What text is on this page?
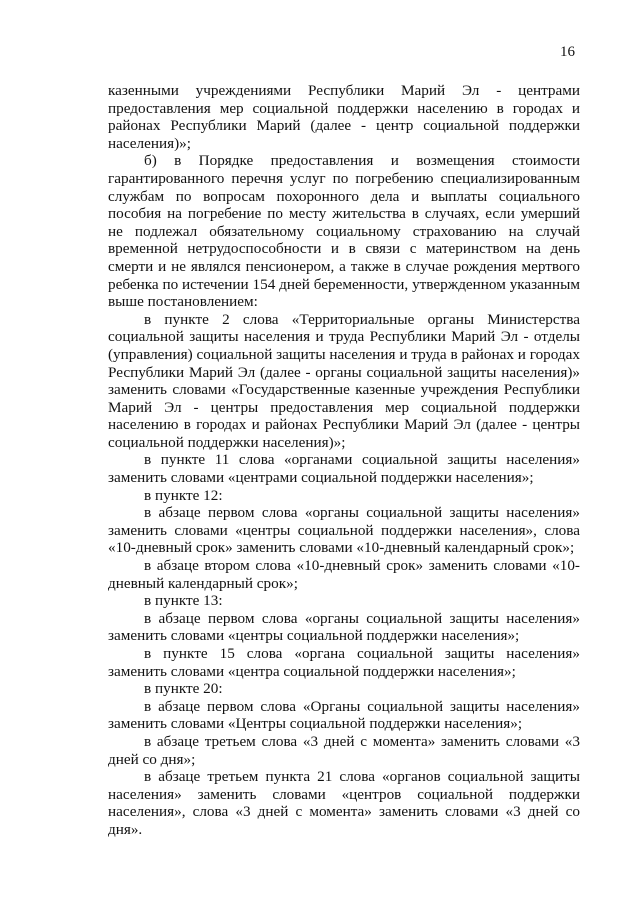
16

казенными учреждениями Республики Марий Эл - центрами предоставления мер социальной поддержки населению в городах и районах Республики Марий (далее - центр социальной поддержки населения)»;

б) в Порядке предоставления и возмещения стоимости гарантированного перечня услуг по погребению специализированным службам по вопросам похоронного дела и выплаты социального пособия на погребение по месту жительства в случаях, если умерший не подлежал обязательному социальному страхованию на случай временной нетрудоспособности и в связи с материнством на день смерти и не являлся пенсионером, а также в случае рождения мертвого ребенка по истечении 154 дней беременности, утвержденном указанным выше постановлением:

в пункте 2 слова «Территориальные органы Министерства социальной защиты населения и труда Республики Марий Эл - отделы (управления) социальной защиты населения и труда в районах и городах Республики Марий Эл (далее - органы социальной защиты населения)» заменить словами «Государственные казенные учреждения Республики Марий Эл - центры предоставления мер социальной поддержки населению в городах и районах Республики Марий Эл (далее - центры социальной поддержки населения)»;

в пункте 11 слова «органами социальной защиты населения» заменить словами «центрами социальной поддержки населения»;

в пункте 12:

в абзаце первом слова «органы социальной защиты населения» заменить словами «центры социальной поддержки населения», слова «10-дневный срок» заменить словами «10-дневный календарный срок»;

в абзаце втором слова «10-дневный срок» заменить словами «10-дневный календарный срок»;

в пункте 13:

в абзаце первом слова «органы социальной защиты населения» заменить словами «центры социальной поддержки населения»;

в пункте 15 слова «органа социальной защиты населения» заменить словами «центра социальной поддержки населения»;

в пункте 20:

в абзаце первом слова «Органы социальной защиты населения» заменить словами «Центры социальной поддержки населения»;

в абзаце третьем слова «3 дней с момента» заменить словами «3 дней со дня»;

в абзаце третьем пункта 21 слова «органов социальной защиты населения» заменить словами «центров социальной поддержки населения», слова «3 дней с момента» заменить словами «3 дней со дня».
